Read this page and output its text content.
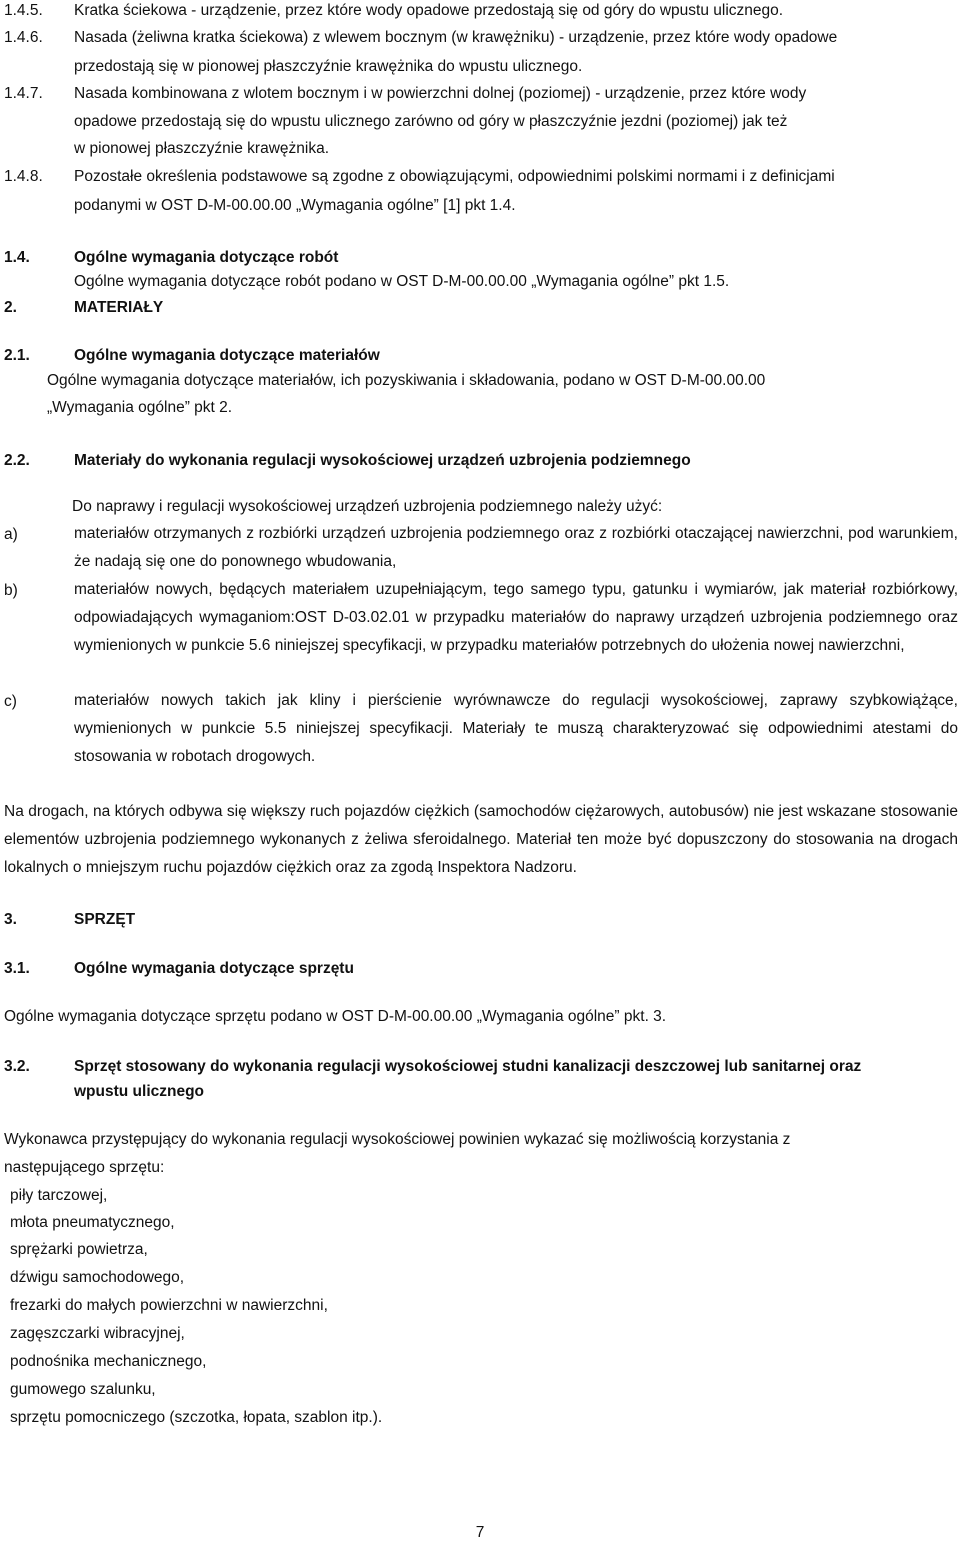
1.4.5. Kratka ściekowa - urządzenie, przez które wody opadowe przedostają się od góry do wpustu ulicznego.
1.4.6. Nasada (żeliwna kratka ściekowa) z wlewem bocznym (w krawężniku) - urządzenie, przez które wody opadowe
przedostają się w pionowej płaszczyźnie krawężnika do wpustu ulicznego.
1.4.7. Nasada kombinowana z wlotem bocznym i w powierzchni dolnej (poziomej) - urządzenie, przez które wody
opadowe przedostają się do wpustu ulicznego zarówno od góry w płaszczyźnie jezdni (poziomej) jak też
w pionowej płaszczyźnie krawężnika.
1.4.8. Pozostałe określenia podstawowe są zgodne z obowiązującymi, odpowiednimi polskimi normami i z definicjami
podanymi w OST D-M-00.00.00 „Wymagania ogólne” [1] pkt 1.4.
1.4.	Ogólne wymagania dotyczące robót
Ogólne wymagania dotyczące robót podano w OST D-M-00.00.00 „Wymagania ogólne” pkt 1.5.
2.	MATERIAŁY
2.1.	Ogólne wymagania dotyczące materiałów
Ogólne wymagania dotyczące materiałów, ich pozyskiwania i składowania, podano w OST D-M-00.00.00
„Wymagania ogólne” pkt 2.
2.2.	Materiały do wykonania regulacji wysokościowej urządzeń uzbrojenia podziemnego
Do naprawy i regulacji wysokościowej urządzeń uzbrojenia podziemnego należy użyć:
a)	materiałów otrzymanych z rozbiórki urządzeń uzbrojenia podziemnego oraz z rozbiórki otaczającej nawierzchni, pod warunkiem, że nadają się one do ponownego wbudowania,
b)	materiałów nowych, będących materiałem uzupełniającym, tego samego typu, gatunku i wymiarów, jak materiał rozbiórkowy, odpowiadających wymaganiom:OST D-03.02.01 w przypadku materiałów do naprawy urządzeń uzbrojenia podziemnego oraz wymienionych w punkcie 5.6 niniejszej specyfikacji, w przypadku materiałów potrzebnych do ułożenia nowej nawierzchni,
c)	materiałów nowych takich jak kliny i pierścienie wyrównawcze do regulacji wysokościowej, zaprawy szybkowiążące, wymienionych w punkcie 5.5 niniejszej specyfikacji. Materiały te muszą charakteryzować się odpowiednimi atestami do stosowania w robotach drogowych.
Na drogach, na których odbywa się większy ruch pojazdów ciężkich (samochodów ciężarowych, autobusów) nie jest wskazane stosowanie elementów uzbrojenia podziemnego wykonanych z żeliwa sferoidalnego. Materiał ten może być dopuszczony do stosowania na drogach lokalnych o mniejszym ruchu pojazdów ciężkich oraz za zgodą Inspektora Nadzoru.
3.	SPRZĘT
3.1.	Ogólne wymagania dotyczące sprzętu
Ogólne wymagania dotyczące sprzętu podano w OST D-M-00.00.00 „Wymagania ogólne” pkt. 3.
3.2.	Sprzęt stosowany do wykonania regulacji wysokościowej studni kanalizacji deszczowej lub sanitarnej oraz
wpustu ulicznego
Wykonawca przystępujący do wykonania regulacji wysokościowej powinien wykazać się możliwością korzystania z
następującego sprzętu:
piły tarczowej,
młota pneumatycznego,
sprężarki powietrza,
dźwigu samochodowego,
frezarki do małych powierzchni w nawierzchni,
zagęszczarki wibracyjnej,
podnośnika mechanicznego,
gumowego szalunku,
sprzętu pomocniczego (szczotka, łopata, szablon itp.).
7
